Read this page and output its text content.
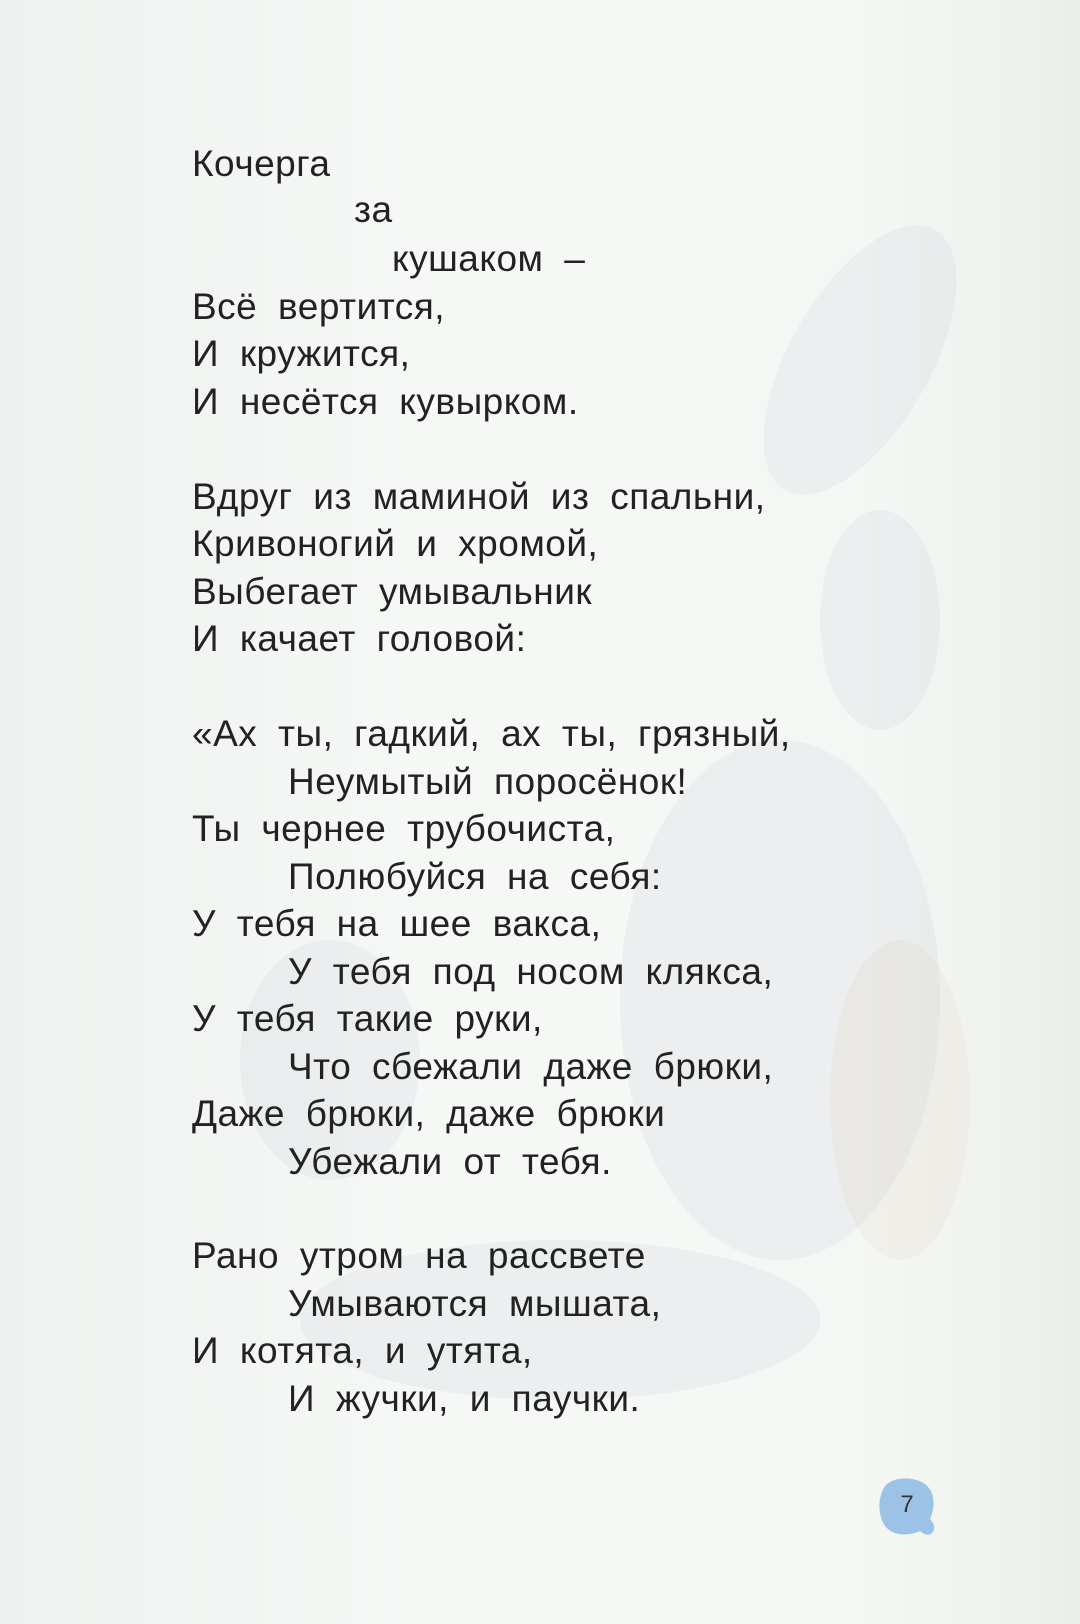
Кочерга
за
кушаком –
Всё вертится,
И кружится,
И несётся кувырком.
Вдруг из маминой из спальни,
Кривоногий и хромой,
Выбегает умывальник
И качает головой:
«Ах ты, гадкий, ах ты, грязный,
Неумытый поросёнок!
Ты чернее трубочиста,
Полюбуйся на себя:
У тебя на шее вакса,
У тебя под носом клякса,
У тебя такие руки,
Что сбежали даже брюки,
Даже брюки, даже брюки
Убежали от тебя.
Рано утром на рассвете
Умываются мышата,
И котята, и утята,
И жучки, и паучки.
7
